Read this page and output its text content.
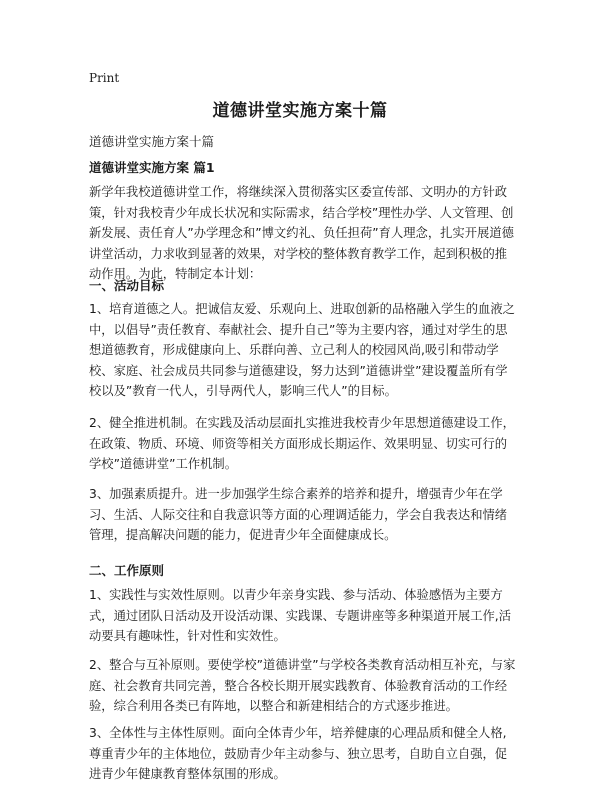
Print
道德讲堂实施方案十篇
道德讲堂实施方案十篇
道德讲堂实施方案 篇1

新学年我校道德讲堂工作，将继续深入贯彻落实区委宣传部、文明办的方针政策，针对我校青少年成长状况和实际需求，结合学校”理性办学、人文管理、创新发展、责任育人”办学理念和”博文约礼、负任担荷”育人理念，扎实开展道德讲堂活动，力求收到显著的效果，对学校的整体教育教学工作，起到积极的推动作用。为此，特制定本计划：

一、活动目标

1、培育道德之人。把诚信友爱、乐观向上、进取创新的品格融入学生的血液之中，以倡导”责任教育、奉献社会、提升自己”等为主要内容，通过对学生的思想道德教育，形成健康向上、乐群向善、立己利人的校园风尚,吸引和带动学校、家庭、社会成员共同参与道德建设，努力达到”道德讲堂”建设覆盖所有学校以及”教育一代人，引导两代人，影响三代人”的目标。

2、健全推进机制。在实践及活动层面扎实推进我校青少年思想道德建设工作，在政策、物质、环境、师资等相关方面形成长期运作、效果明显、切实可行的学校”道德讲堂”工作机制。

3、加强素质提升。进一步加强学生综合素养的培养和提升，增强青少年在学习、生活、人际交往和自我意识等方面的心理调适能力，学会自我表达和情绪管理，提高解决问题的能力，促进青少年全面健康成长。

二、工作原则

1、实践性与实效性原则。以青少年亲身实践、参与活动、体验感悟为主要方式，通过团队日活动及开设活动课、实践课、专题讲座等多种渠道开展工作,活动要具有趣味性，针对性和实效性。

2、整合与互补原则。要使学校”道德讲堂”与学校各类教育活动相互补充，与家庭、社会教育共同完善，整合各校长期开展实践教育、体验教育活动的工作经验，综合利用各类已有阵地，以整合和新建相结合的方式逐步推进。

3、全体性与主体性原则。面向全体青少年，培养健康的心理品质和健全人格,尊重青少年的主体地位，鼓励青少年主动参与、独立思考，自助自立自强，促进青少年健康教育整体氛围的形成。
